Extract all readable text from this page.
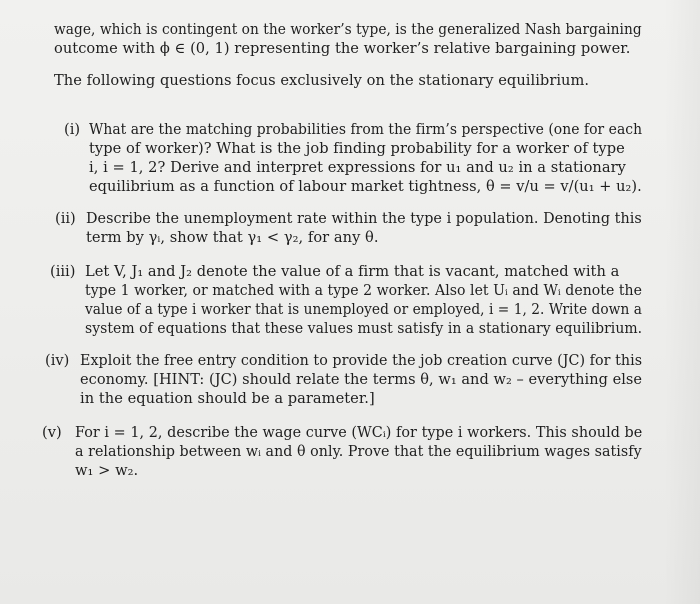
wage, which is contingent on the worker’s type, is the generalized Nash bargaining
outcome with ϕ ∈ (0, 1) representing the worker’s relative bargaining power.
The following questions focus exclusively on the stationary equilibrium.
(i) What are the matching probabilities from the firm’s perspective (one for each
type of worker)? What is the job finding probability for a worker of type
i, i = 1, 2? Derive and interpret expressions for u₁ and u₂ in a stationary
equilibrium as a function of labour market tightness, θ = v/u = v/(u₁ + u₂).
(ii) Describe the unemployment rate within the type i population. Denoting this
term by γᵢ, show that γ₁ < γ₂, for any θ.
(iii) Let V, J₁ and J₂ denote the value of a firm that is vacant, matched with a
type 1 worker, or matched with a type 2 worker. Also let Uᵢ and Wᵢ denote the
value of a type i worker that is unemployed or employed, i = 1, 2. Write down a
system of equations that these values must satisfy in a stationary equilibrium.
(iv) Exploit the free entry condition to provide the job creation curve (JC) for this
economy. [HINT: (JC) should relate the terms θ, w₁ and w₂ – everything else
in the equation should be a parameter.]
(v) For i = 1, 2, describe the wage curve (WCᵢ) for type i workers. This should be
a relationship between wᵢ and θ only. Prove that the equilibrium wages satisfy
w₁ > w₂.
